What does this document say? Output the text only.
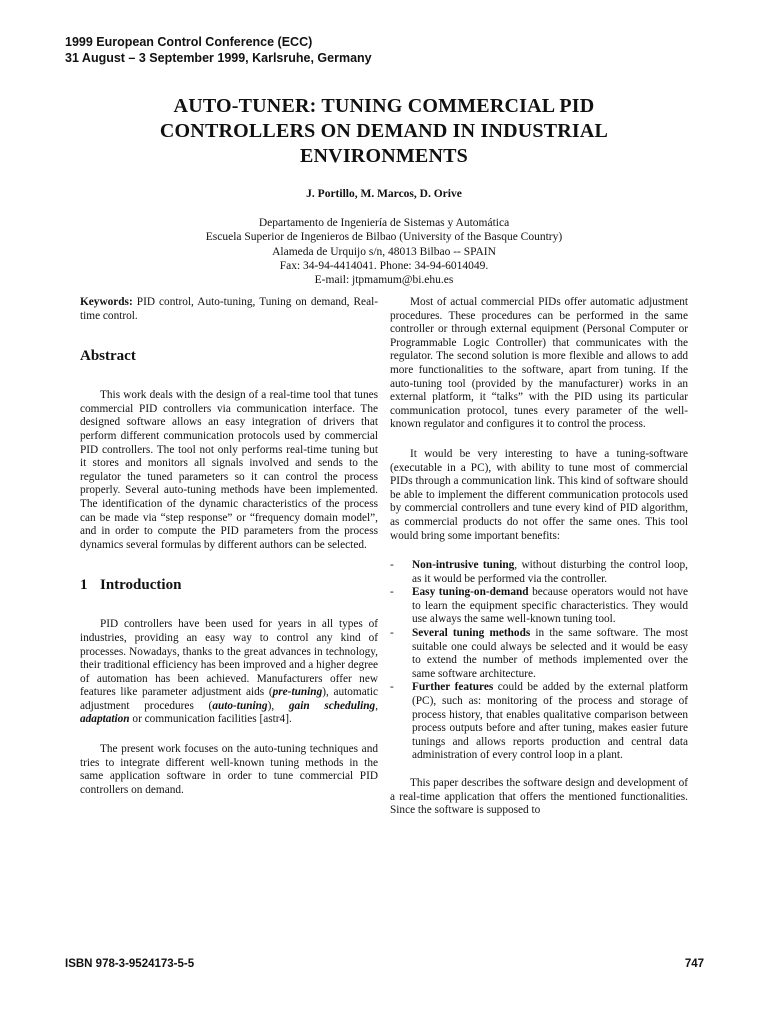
1999 European Control Conference (ECC)
31 August – 3 September 1999, Karlsruhe, Germany
AUTO-TUNER: TUNING COMMERCIAL PID
CONTROLLERS ON DEMAND IN INDUSTRIAL
ENVIRONMENTS
J. Portillo, M. Marcos, D. Orive
Departamento de Ingeniería de Sistemas y Automática
Escuela Superior de Ingenieros de Bilbao (University of the Basque Country)
Alameda de Urquijo s/n, 48013 Bilbao -- SPAIN
Fax: 34-94-4414041. Phone: 34-94-6014049.
E-mail: jtpmamum@bi.ehu.es

Keywords: PID control, Auto-tuning, Tuning on demand, Real-time control.

Abstract

This work deals with the design of a real-time tool that tunes commercial PID controllers via communication interface. The designed software allows an easy integration of drivers that perform different communication protocols used by commercial PID controllers. The tool not only performs real-time tuning but it stores and monitors all signals involved and sends to the regulator the tuned parameters so it can control the process properly. Several auto-tuning methods have been implemented. The identification of the dynamic characteristics of the process can be made via “step response” or “frequency domain model”, and in order to compute the PID parameters from the process dynamics several formulas by different authors can be selected.

1 Introduction

PID controllers have been used for years in all types of industries, providing an easy way to control any kind of processes. Nowadays, thanks to the great advances in technology, their traditional efficiency has been improved and a higher degree of automation has been achieved. Manufacturers offer new features like parameter adjustment aids (pre-tuning), automatic adjustment procedures (auto-tuning), gain scheduling, adaptation or communication facilities [astr4].

The present work focuses on the auto-tuning techniques and tries to integrate different well-known tuning methods in the same application software in order to tune commercial PID controllers on demand.

Most of actual commercial PIDs offer automatic adjustment procedures. These procedures can be performed in the same controller or through external equipment (Personal Computer or Programmable Logic Controller) that communicates with the regulator. The second solution is more flexible and allows to add more functionalities to the software, apart from tuning. If the auto-tuning tool (provided by the manufacturer) works in an external platform, it “talks” with the PID using its particular communication protocol, tunes every parameter of the well-known regulator and configures it to control the process.

It would be very interesting to have a tuning-software (executable in a PC), with ability to tune most of commercial PIDs through a communication link. This kind of software should be able to implement the different communication protocols used by commercial controllers and tune every kind of PID algorithm, as commercial products do not offer the same ones. This tool would bring some important benefits:

- Non-intrusive tuning, without disturbing the control loop, as it would be performed via the controller.
- Easy tuning-on-demand because operators would not have to learn the equipment specific characteristics. They would use always the same well-known tuning tool.
- Several tuning methods in the same software. The most suitable one could always be selected and it would be easy to extend the number of methods implemented over the same software architecture.
- Further features could be added by the external platform (PC), such as: monitoring of the process and storage of process history, that enables qualitative comparison between process outputs before and after tuning, makes easier future tunings and allows reports production and central data administration of every control loop in a plant.

This paper describes the software design and development of a real-time application that offers the mentioned functionalities. Since the software is supposed to

ISBN 978-3-9524173-5-5	747
